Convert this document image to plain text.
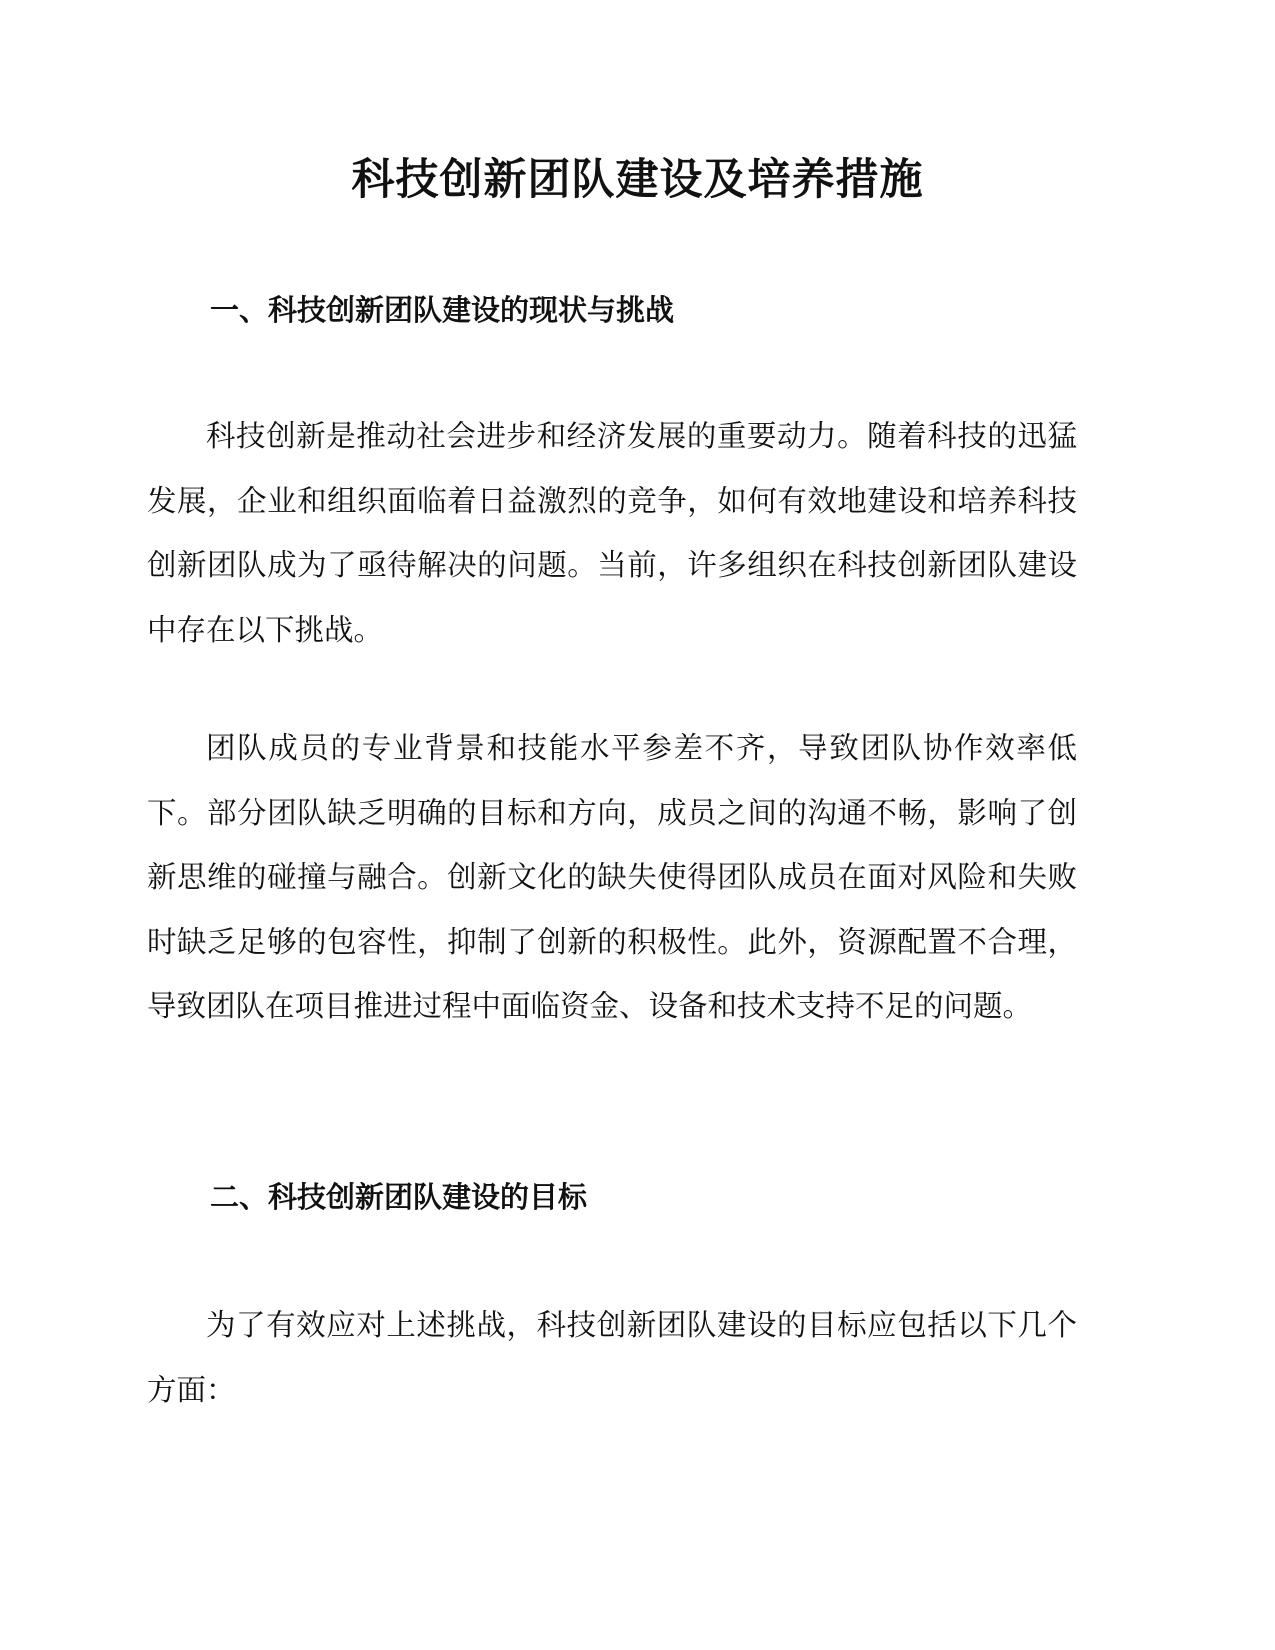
科技创新团队建设及培养措施
一、科技创新团队建设的现状与挑战

科技创新是推动社会进步和经济发展的重要动力。随着科技的迅猛发展，企业和组织面临着日益激烈的竞争，如何有效地建设和培养科技创新团队成为了亟待解决的问题。当前，许多组织在科技创新团队建设中存在以下挑战。

团队成员的专业背景和技能水平参差不齐，导致团队协作效率低下。部分团队缺乏明确的目标和方向，成员之间的沟通不畅，影响了创新思维的碰撞与融合。创新文化的缺失使得团队成员在面对风险和失败时缺乏足够的包容性，抑制了创新的积极性。此外，资源配置不合理，导致团队在项目推进过程中面临资金、设备和技术支持不足的问题。

二、科技创新团队建设的目标

为了有效应对上述挑战，科技创新团队建设的目标应包括以下几个方面：
